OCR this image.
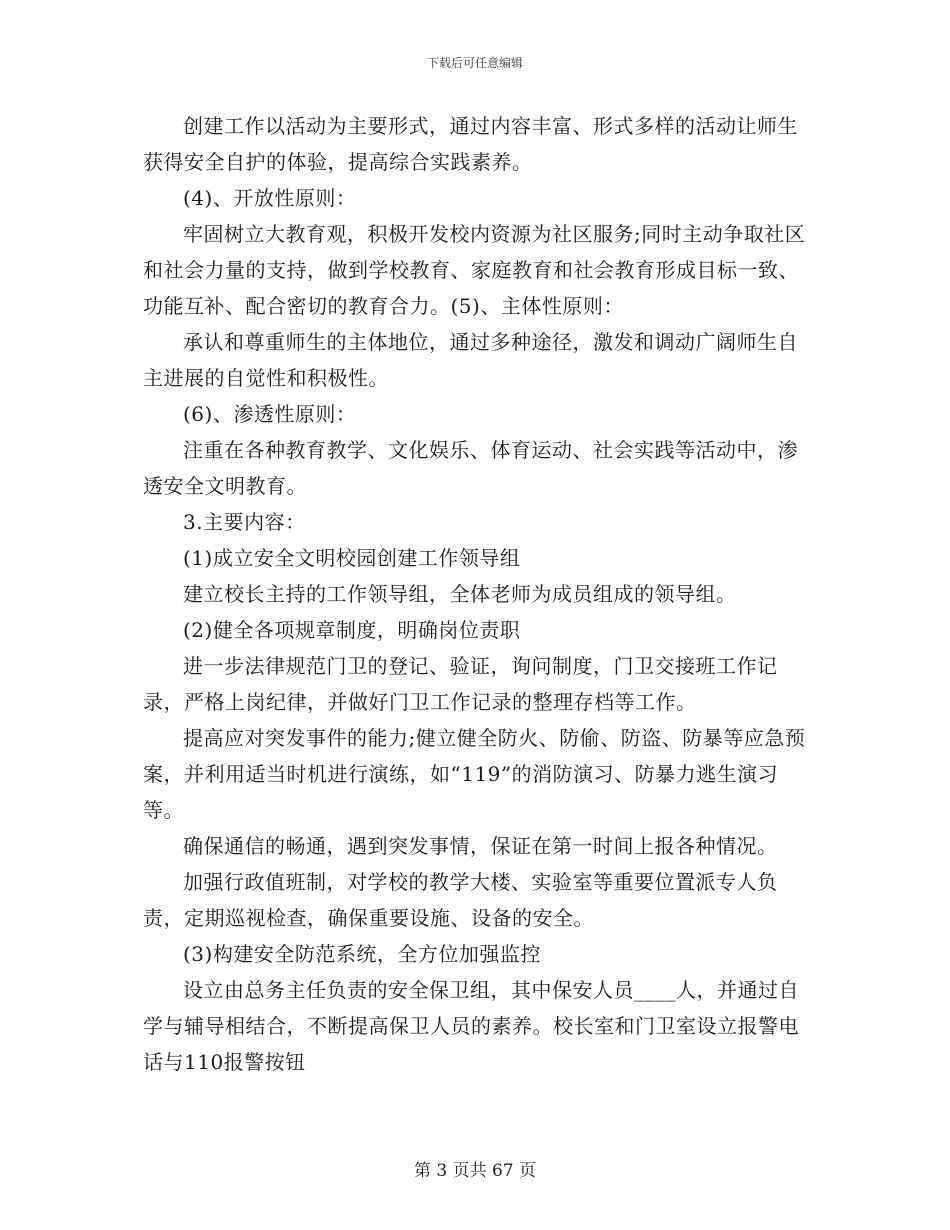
下载后可任意编辑

创建工作以活动为主要形式，通过内容丰富、形式多样的活动让师生获得安全自护的体验，提高综合实践素养。

(4)、开放性原则：

牢固树立大教育观，积极开发校内资源为社区服务;同时主动争取社区和社会力量的支持，做到学校教育、家庭教育和社会教育形成目标一致、功能互补、配合密切的教育合力。(5)、主体性原则：

承认和尊重师生的主体地位，通过多种途径，激发和调动广阔师生自主进展的自觉性和积极性。

(6)、渗透性原则：

注重在各种教育教学、文化娱乐、体育运动、社会实践等活动中，渗透安全文明教育。

3.主要内容：

(1)成立安全文明校园创建工作领导组

建立校长主持的工作领导组，全体老师为成员组成的领导组。

(2)健全各项规章制度，明确岗位责职

进一步法律规范门卫的登记、验证，询问制度，门卫交接班工作记录，严格上岗纪律，并做好门卫工作记录的整理存档等工作。

提高应对突发事件的能力;健立健全防火、防偷、防盗、防暴等应急预案，并利用适当时机进行演练，如“119”的消防演习、防暴力逃生演习等。

确保通信的畅通，遇到突发事情，保证在第一时间上报各种情况。

加强行政值班制，对学校的教学大楼、实验室等重要位置派专人负责，定期巡视检查，确保重要设施、设备的安全。

(3)构建安全防范系统，全方位加强监控

设立由总务主任负责的安全保卫组，其中保安人员____人，并通过自学与辅导相结合，不断提高保卫人员的素养。校长室和门卫室设立报警电话与110报警按钮

第 3 页共 67 页
